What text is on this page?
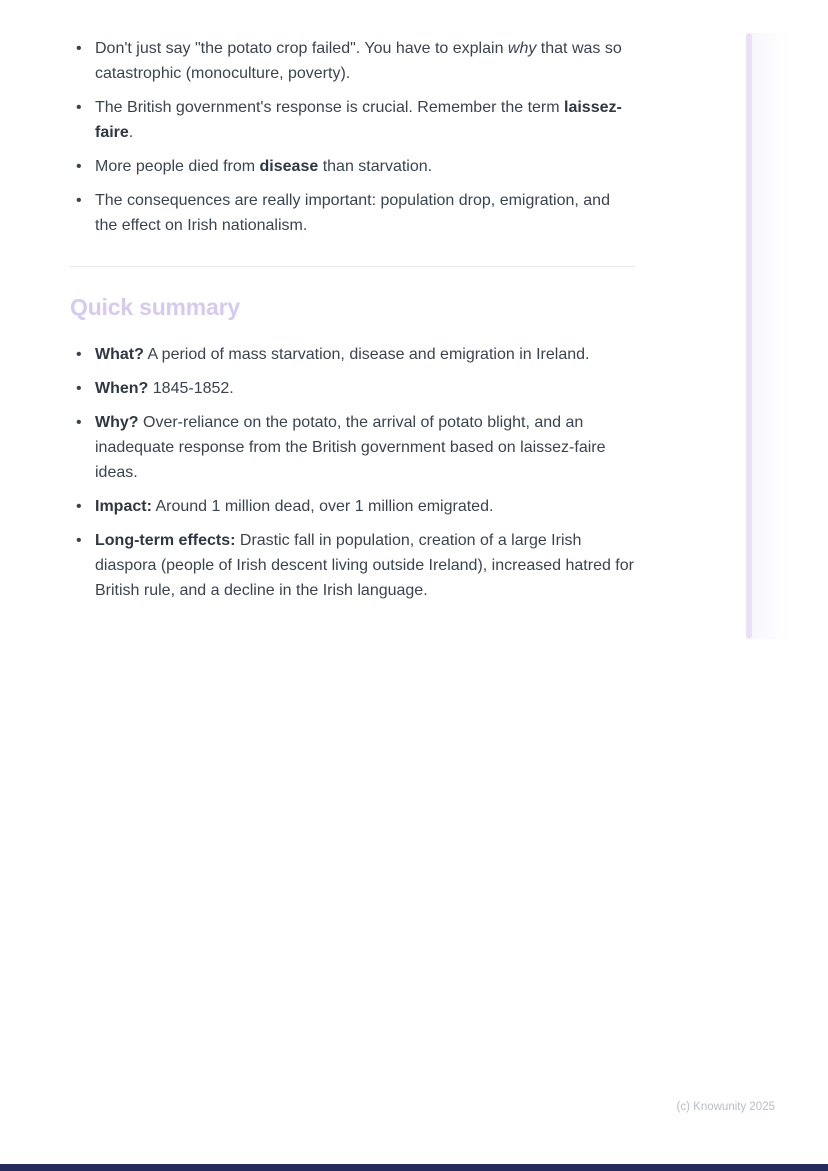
• Don't just say "the potato crop failed". You have to explain why that was so catastrophic (monoculture, poverty).
• The British government's response is crucial. Remember the term laissez-faire.
• More people died from disease than starvation.
• The consequences are really important: population drop, emigration, and the effect on Irish nationalism.
Quick summary
• What? A period of mass starvation, disease and emigration in Ireland.
• When? 1845-1852.
• Why? Over-reliance on the potato, the arrival of potato blight, and an inadequate response from the British government based on laissez-faire ideas.
• Impact: Around 1 million dead, over 1 million emigrated.
• Long-term effects: Drastic fall in population, creation of a large Irish diaspora (people of Irish descent living outside Ireland), increased hatred for British rule, and a decline in the Irish language.
(c) Knowunity 2025
